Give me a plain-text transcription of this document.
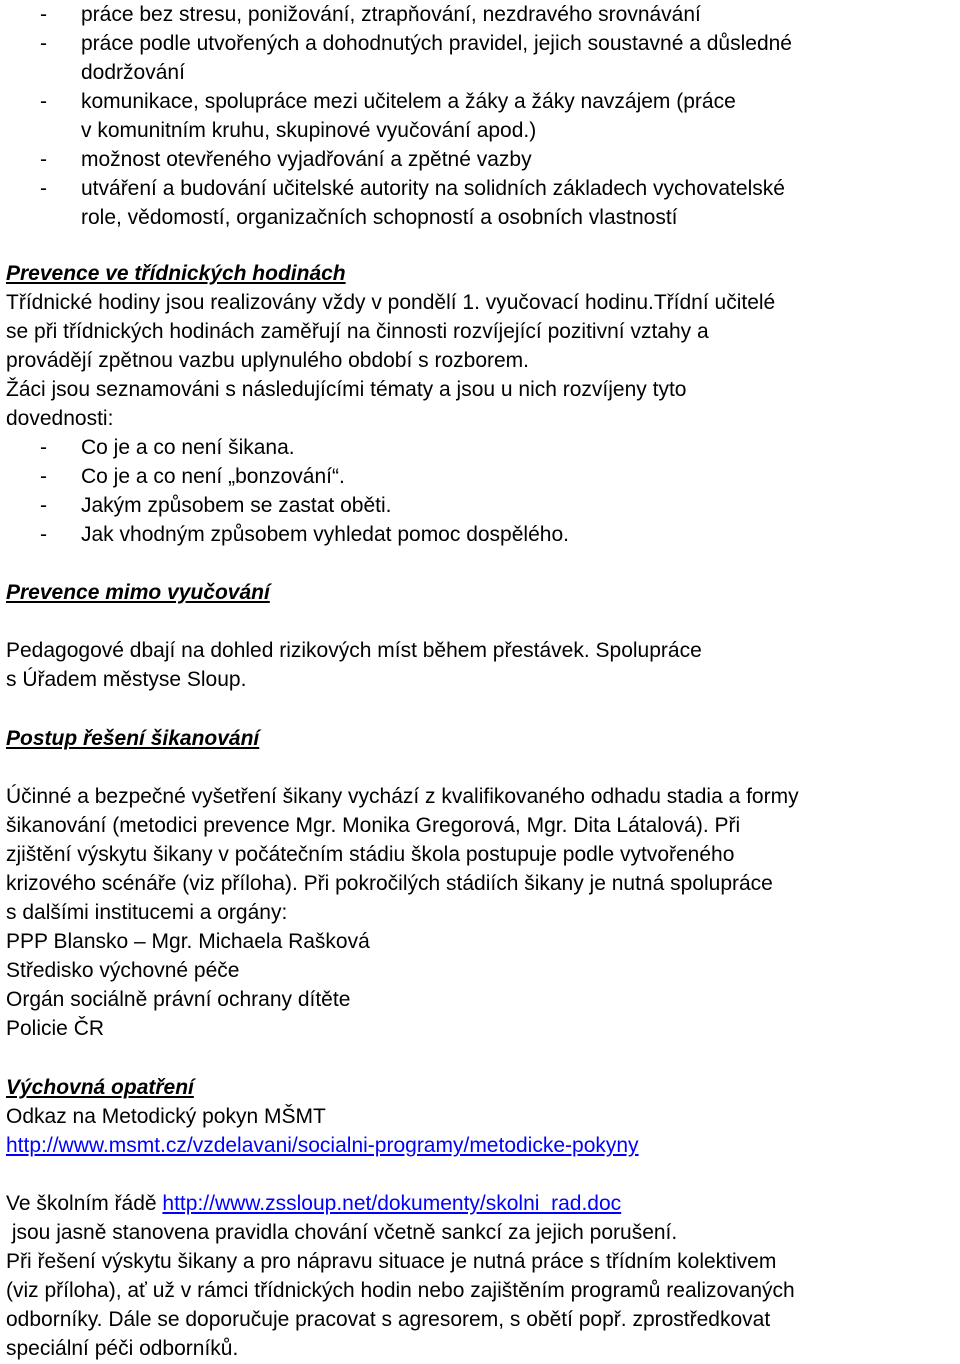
- práce bez stresu, ponižování, ztrapňování, nezdravého srovnávání
- práce podle utvořených a dohodnutých pravidel, jejich soustavné a důsledné
dodržování
- komunikace, spolupráce mezi učitelem a žáky a žáky navzájem (práce
v komunitním kruhu, skupinové vyučování apod.)
- možnost otevřeného vyjadřování a zpětné vazby
- utváření a budování učitelské autority na solidních základech vychovatelské
role, vědomostí, organizačních schopností a osobních vlastností

Prevence ve třídnických hodinách

Třídnické hodiny jsou realizovány vždy v pondělí 1. vyučovací hodinu.Třídní učitelé

se při třídnických hodinách zaměřují na činnosti rozvíjející pozitivní vztahy a

provádějí zpětnou vazbu uplynulého období s rozborem.

Žáci jsou seznamováni s následujícími tématy a jsou u nich rozvíjeny tyto

dovednosti:

- Co je a co není šikana.
- Co je a co není „bonzování“.
- Jakým způsobem se zastat oběti.
- Jak vhodným způsobem vyhledat pomoc dospělého.

Prevence mimo vyučování

Pedagogové dbají na dohled rizikových míst během přestávek. Spolupráce

s Úřadem městyse Sloup.

Postup řešení šikanování

Účinné a bezpečné vyšetření šikany vychází z kvalifikovaného odhadu stadia a formy

šikanování (metodici prevence Mgr. Monika Gregorová, Mgr. Dita Látalová). Při

zjištění výskytu šikany v počátečním stádiu škola postupuje podle vytvořeného

krizového scénáře (viz příloha). Při pokročilých stádiích šikany je nutná spolupráce

s dalšími institucemi a orgány:

PPP Blansko – Mgr. Michaela Rašková

Středisko výchovné péče

Orgán sociálně právní ochrany dítěte

Policie ČR

Výchovná opatření

Odkaz na Metodický pokyn MŠMT

http://www.msmt.cz/vzdelavani/socialni-programy/metodicke-pokyny

Ve školním řádě http://www.zssloup.net/dokumenty/skolni_rad.doc

jsou jasně stanovena pravidla chování včetně sankcí za jejich porušení.

Při řešení výskytu šikany a pro nápravu situace je nutná práce s třídním kolektivem

(viz příloha), ať už v rámci třídnických hodin nebo zajištěním programů realizovaných

odborníky. Dále se doporučuje pracovat s agresorem, s obětí popř. zprostředkovat

speciální péči odborníků.
